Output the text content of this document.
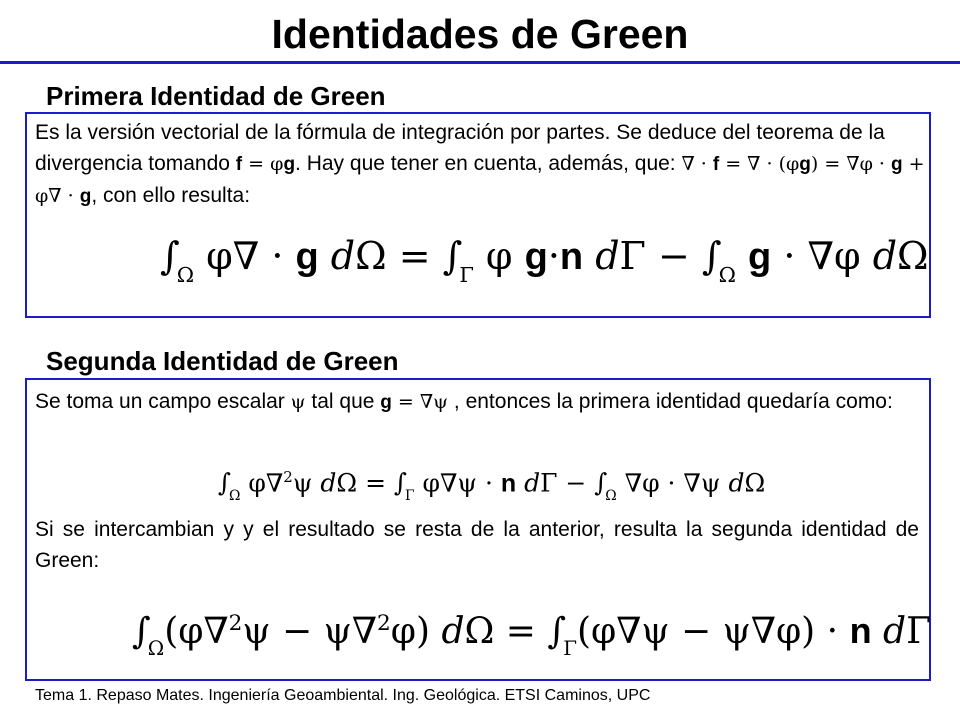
Identidades de Green
Primera Identidad de Green
Es la versión vectorial de la fórmula de integración por partes. Se deduce del teorema de la divergencia tomando f = φg. Hay que tener en cuenta, además, que: ∇ · f = ∇ · (φg) = ∇φ · g + φ∇ · g, con ello resulta:
$\int_\Omega$ φ∇ · g $d\Omega = \int_\Gamma$ φ g·n $d\Gamma - \int_\Omega$ g · ∇φ dΩ
Segunda Identidad de Green
Se toma un campo escalar ψ tal que g = ∇ψ , entonces la primera identidad quedaría como:
$\int_\Omega$ φ∇$^2$ψ $d\Omega = \int_\Gamma$ φ∇ψ · n $d\Gamma - \int_\Omega$ ∇φ · ∇ψ dΩ
Si se intercambian y y el resultado se resta de la anterior, resulta la segunda identidad de Green:
$\int_\Omega(\varphi\nabla^2\psi - \psi\nabla^2\varphi) d\Omega = \int_\Gamma(\varphi\nabla\psi - \psi\nabla\varphi) \cdot n$ dΓ
Tema 1. Repaso Mates. Ingeniería Geoambiental. Ing. Geológica. ETSI Caminos, UPC
